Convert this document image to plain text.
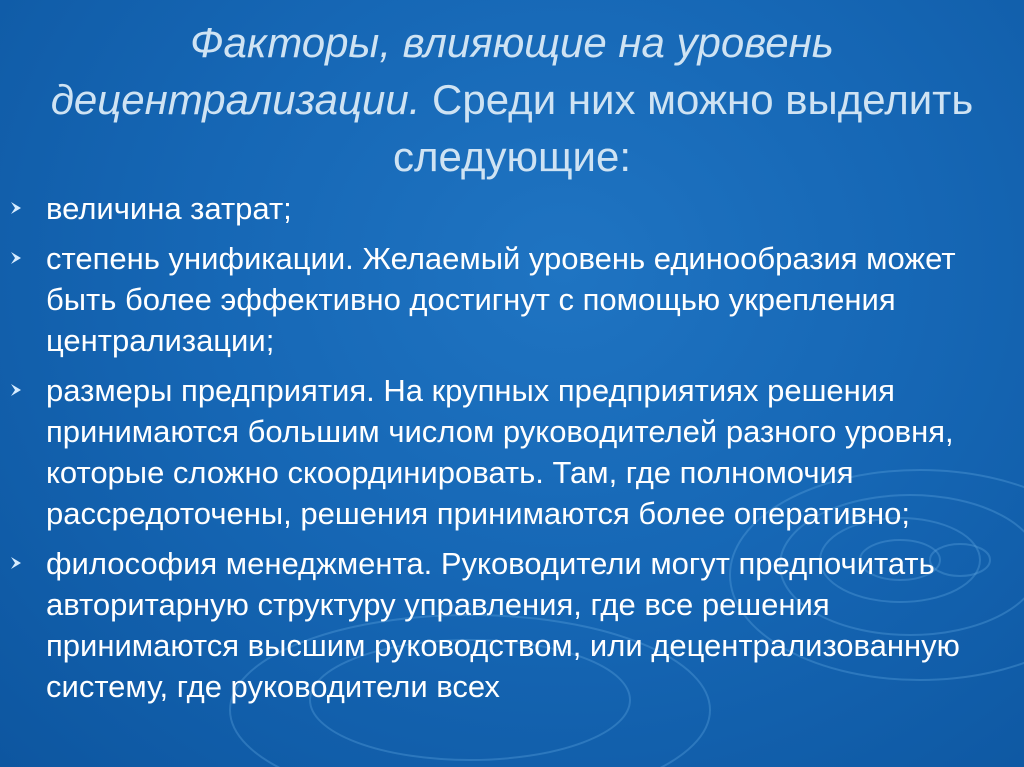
Факторы, влияющие на уровень децентрализации. Среди них можно выделить следующие:
величина затрат;
степень унификации. Желаемый уровень единообразия может быть более эффективно достигнут с помощью укрепления централизации;
размеры предприятия. На крупных предприятиях решения принимаются большим числом руководителей разного уровня, которые сложно скоординировать. Там, где полномочия рассредоточены, решения принимаются более оперативно;
философия менеджмента. Руководители могут предпочитать авторитарную структуру управления, где все решения принимаются высшим руководством, или децентрализованную систему, где руководители всех
